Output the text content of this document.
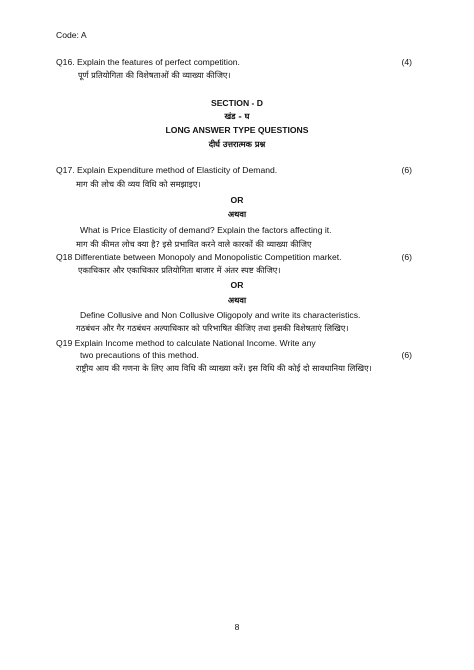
Code: A
Q16. Explain the features of perfect competition.	(4)
पूर्ण प्रतियोगिता की विशेषताओं की व्याख्या कीजिए।
SECTION - D
खंड - घ
LONG ANSWER TYPE QUESTIONS
दीर्घ उत्तरात्मक प्रश्न
Q17. Explain Expenditure method of Elasticity of Demand.	(6)
माग की लोच की व्यय विधि को समझाइए।
OR
अथवा
What is Price Elasticity of demand? Explain the factors affecting it.
माग की कीमत लोच क्या है? इसे प्रभावित करने वाले कारकों की व्याख्या कीजिए
Q18 Differentiate between Monopoly and Monopolistic Competition market.	(6)
एकाधिकार और एकाधिकार प्रतियोगिता बाजार में अंतर स्पष्ट कीजिए।
OR
अथवा
Define Collusive and Non Collusive Oligopoly and write its characteristics.
गठबंधन और गैर गठबंधन अल्पाधिकार को परिभाषित कीजिए तथा इसकी विशेषताएं लिखिए।
Q19 Explain Income method to calculate National Income. Write any
two precautions of this method.	(6)
राष्ट्रीय आय की गणना के लिए आय विधि की व्याख्या करें। इस विधि की कोई दो सावधानिया लिखिए।
8
